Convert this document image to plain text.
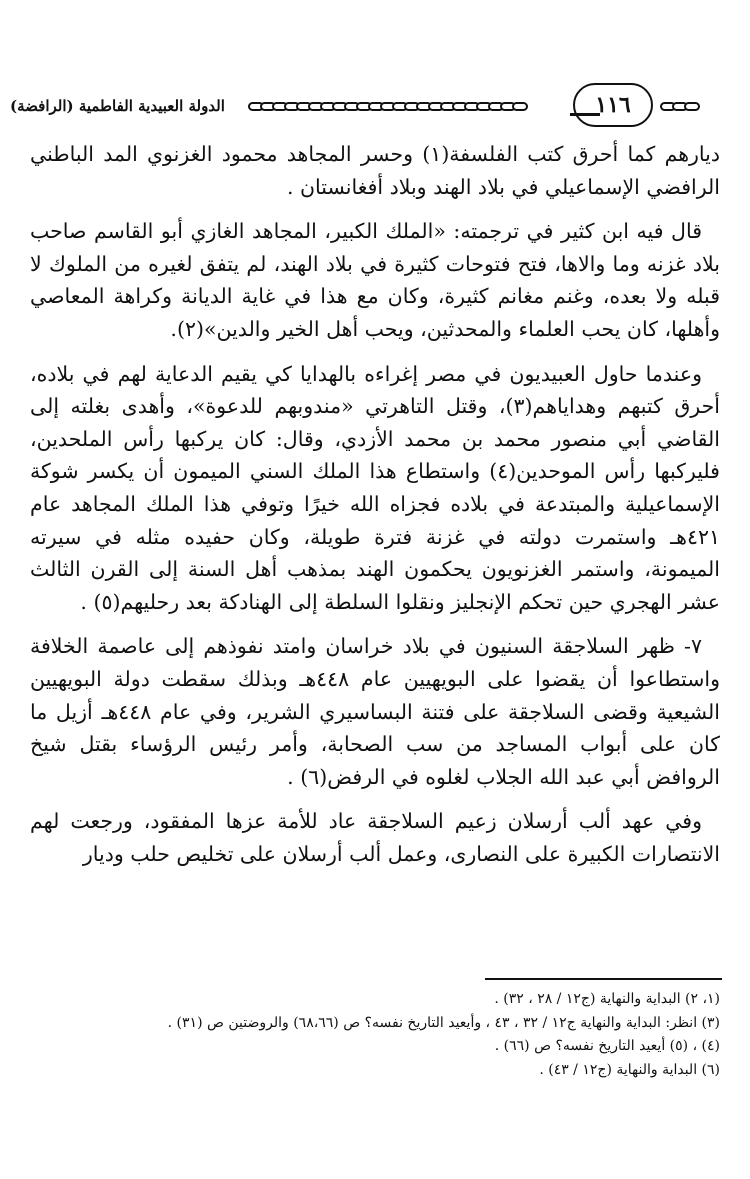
الدولة العبيدية الفاطمية (الرافضة)	١١٦

ديارهم كما أحرق كتب الفلسفة(١) وحسر المجاهد محمود الغزنوي المد الباطني الرافضي الإسماعيلي في بلاد الهند وبلاد أفغانستان .

قال فيه ابن كثير في ترجمته: «الملك الكبير، المجاهد الغازي أبو القاسم صاحب بلاد غزنه وما والاها، فتح فتوحات كثيرة في بلاد الهند، لم يتفق لغيره من الملوك لا قبله ولا بعده، وغنم مغانم كثيرة، وكان مع هذا في غاية الديانة وكراهة المعاصي وأهلها، كان يحب العلماء والمحدثين، ويحب أهل الخير والدين»(٢).

وعندما حاول العبيديون في مصر إغراءه بالهدايا كي يقيم الدعاية لهم في بلاده، أحرق كتبهم وهداياهم(٣)، وقتل التاهرتي «مندوبهم للدعوة»، وأهدى بغلته إلى القاضي أبي منصور محمد بن محمد الأزدي، وقال: كان يركبها رأس الملحدين، فليركبها رأس الموحدين(٤) واستطاع هذا الملك السني الميمون أن يكسر شوكة الإسماعيلية والمبتدعة في بلاده فجزاه الله خيرًا وتوفي هذا الملك المجاهد عام ٤٢١هـ واستمرت دولته في غزنة فترة طويلة، وكان حفيده مثله في سيرته الميمونة، واستمر الغزنويون يحكمون الهند بمذهب أهل السنة إلى القرن الثالث عشر الهجري حين تحكم الإنجليز ونقلوا السلطة إلى الهنادكة بعد رحليهم(٥) .

٧- ظهر السلاجقة السنيون في بلاد خراسان وامتد نفوذهم إلى عاصمة الخلافة واستطاعوا أن يقضوا على البويهيين عام ٤٤٨هـ وبذلك سقطت دولة البويهيين الشيعية وقضى السلاجقة على فتنة البساسيري الشرير، وفي عام ٤٤٨هـ أزيل ما كان على أبواب المساجد من سب الصحابة، وأمر رئيس الرؤساء بقتل شيخ الروافض أبي عبد الله الجلاب لغلوه في الرفض(٦) .

وفي عهد ألب أرسلان زعيم السلاجقة عاد للأمة عزها المفقود، ورجعت لهم الانتصارات الكبيرة على النصارى، وعمل ألب أرسلان على تخليص حلب وديار

(١، ٢) البداية والنهاية (ج١٢ / ٢٨ ، ٣٢) .

(٣) انظر: البداية والنهاية ج١٢ / ٣٢ ، ٤٣ ، وأيعيد التاريخ نفسه؟ ص (٦٨،٦٦) والروضتين ص (٣١) .

(٤) ، (٥) أيعيد التاريخ نفسه؟ ص (٦٦) .

(٦) البداية والنهاية (ج١٢ / ٤٣) .
